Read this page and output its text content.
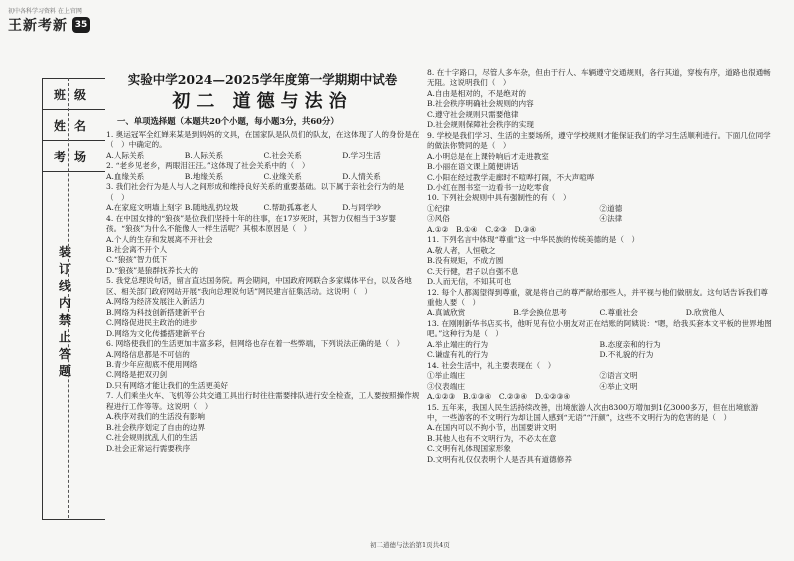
初中各科学习资料 在上官网
王新考新 35
班级
姓名
考场
装订线内禁止答题

实验中学2024—2025学年度第一学期期中试卷

初二 道德与法治

一、单项选择题（本题共20个小题，每小题3分，共60分）

1. 奥运冠军全红婵来某是到妈妈的文具，在国家队是队员们的队友，在这体现了人的身份是在（　）中确定的。
A.人际关系	B.人际关系	C.社会关系	D.学习生活
2. “老乡见老乡，两眼泪汪汪。”这体现了社会关系中的（　）
A.血缘关系	B.地缘关系	C.业缘关系	D.人情关系
3. 我们社会行为是人与人之间形成和维持良好关系的重要基础。以下属于亲社会行为的是（　）
A.在家庭文明墙上刻字 B.随地乱扔垃圾	C.帮助孤寡老人	D.与同学吵
4. 在中国女排的“狼孩”是位我们坚持十年的往事，在17岁死时，其智力仅相当于3岁婴孩。“狼孩”为什么不能像人一样生活呢？其根本原因是（　）
A.个人的生存和发展离不开社会
B.社会离不开个人
C.“狼孩”智力低下
D.“狼孩”是狼群抚养长大的
5. 我党总理说句话，留言直达国务院。两会期间，中国政府网联合多家媒体平台，以及各地区、相关部门政府网站开展“我向总理说句话”网民建言征集活动。这说明（　）
A.网络为经济发展注入新活力
B.网络为科技创新搭建新平台
C.网络促进民主政治的进步
D.网络为文化传播搭建新平台
6. 网络使我们的生活更加丰富多彩，但网络也存在着一些弊端，下列说法正确的是（　）
A.网络信息都是不可信的
B.青少年应彻底不使用网络
C.网络是把双刃剑
D.只有网络才能让我们的生活更美好
7. 人们乘坐火车、飞机等公共交通工具出行时往往需要排队进行安全检查，工人要按照操作规程进行工作等等。这说明（　）
A.秩序对我们的生活没有影响
B.社会秩序划定了自由的边界
C.社会规则扰乱人们的生活
D.社会正常运行需要秩序
8. 在十字路口，尽管人多车杂，但由于行人、车辆遵守交通规则，各行其道，穿梭有序，道路也很通畅无阻。这说明我们（　）
A.自由是相对的，不是绝对的
B.社会秩序明确社会规则的内容
C.遵守社会规则只需要他律
D.社会规则保障社会秩序的实现
9. 学校是我们学习、生活的主要场所，遵守学校规则才能保证我们的学习生活顺利进行。下面几位同学的做法你赞同的是（　）
A.小明总是在上课铃响后才走进教室
B.小丽在语文课上随便讲话
C.小阳在经过教学走廊时不喧哗打闹，不大声喧哗
D.小红在图书室一边看书一边吃零食
10. 下列社会规则中具有强制性的有（　）
①纪律	②道德
③风俗	④法律
A.①②　B.①④　C.②③　D.③④
11. 下列名言中体现“尊重”这一中华民族的传统美德的是（　）
A.敬人者，人恒敬之
B.没有规矩，不成方圆
C.天行健，君子以自强不息
D.人而无信，不知其可也
12. 每个人都渴望得到尊重，就是将自己的尊严献给那些人，并平视与他们做朋友。这句话告诉我们尊重他人要（　）
A.真诚欣赏	B.学会换位思考	C.尊重社会	D.欣赏他人
13. 在刚刚新华书店买书，他听见有位小朋友对正在结账的阿姨说：“嗯，给我买套本文平板的世界地图吧。”这种行为是（　）
A.举止端庄的行为	B.态度亲和的行为
C.谦虚有礼的行为	D.不礼貌的行为
14. 社会生活中，礼主要表现在（　）
①举止端庄	②语言文明
③仪表端庄	④举止文明
A.①②③　B.①③④　C.②③④　D.①②③④
15. 五年来，我国人民生活持续改善，出境旅游人次由8300万增加到1亿3000多万，但在出境旅游中，一些游客的不文明行为却让国人感到“无语”“汗颜”，这些不文明行为的危害的是（　）
A.在国内可以不拘小节，出国要讲文明
B.其他人也有不文明行为，不必太在意
C.文明有礼体现国家形象
D.文明有礼仅仅表明个人是否具有道德修养
初二道德与法治第1页共4页
